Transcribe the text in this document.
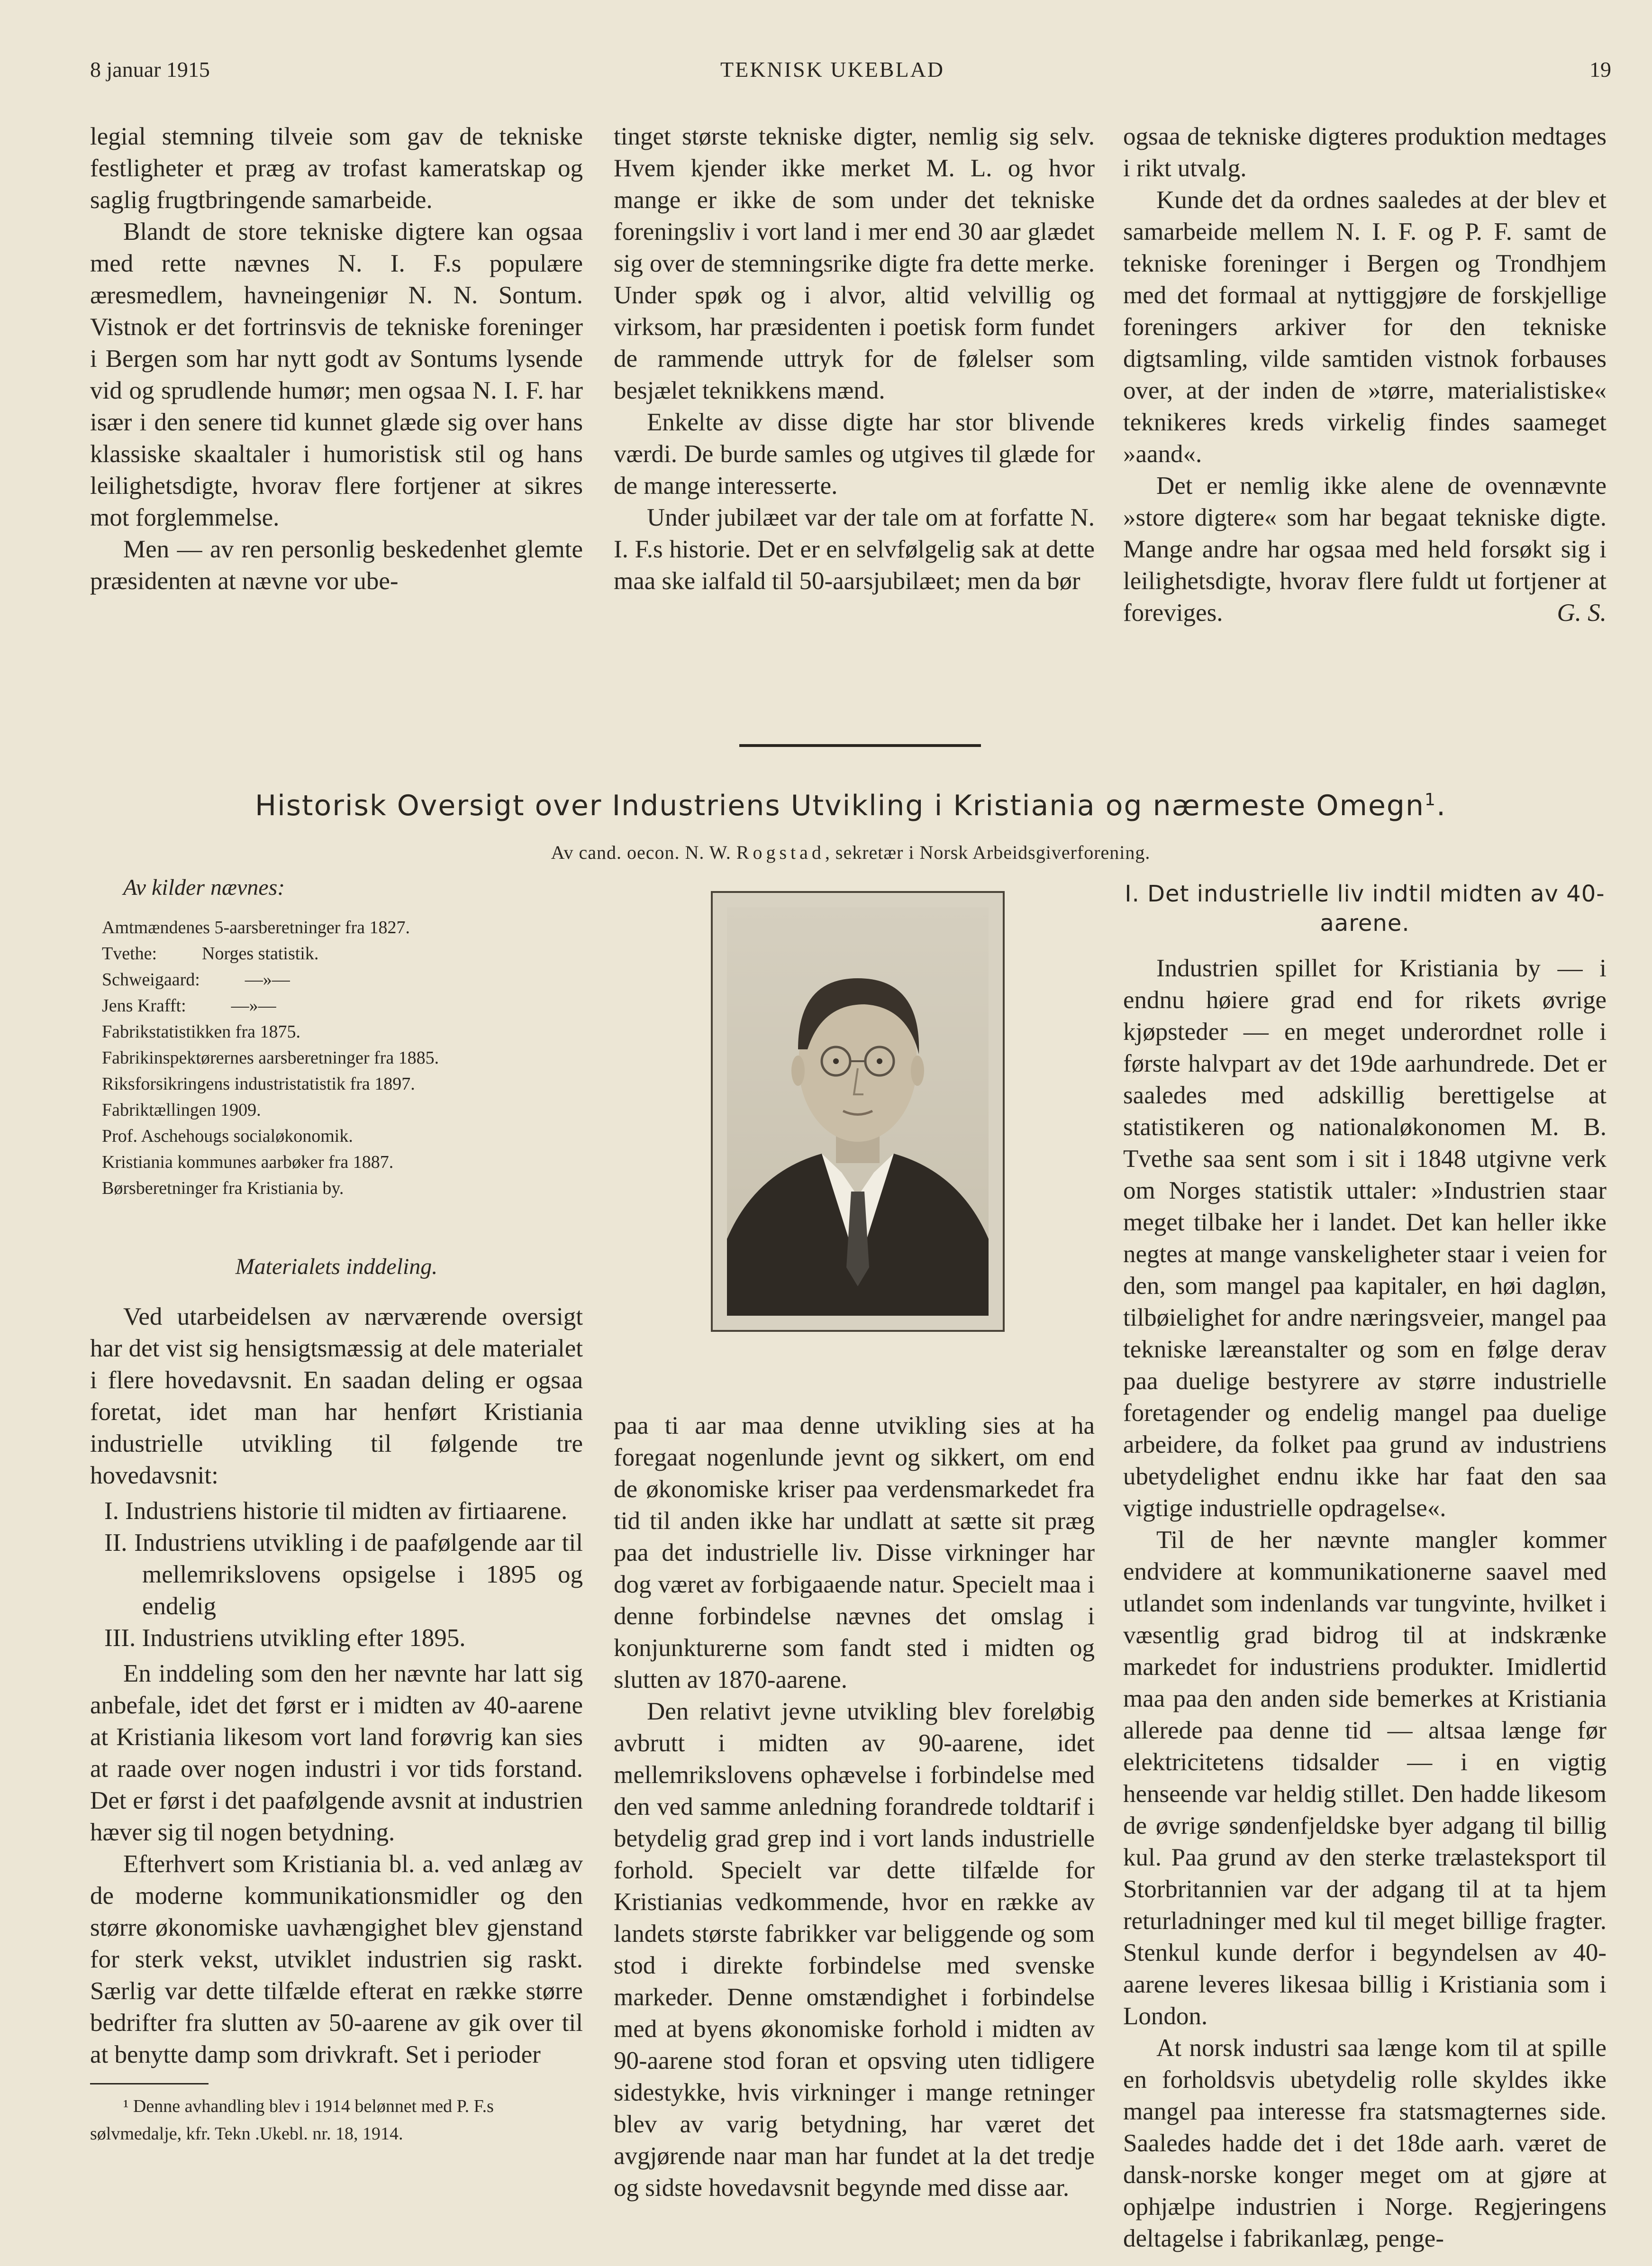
8 januar 1915	TEKNISK UKEBLAD	19

legial stemning tilveie som gav de tekniske festligheter et præg av trofast kameratskap og saglig frugtbringende samarbeide.

Blandt de store tekniske digtere kan ogsaa med rette nævnes N. I. F.s populære æresmedlem, havneingeniør N. N. Sontum. Vistnok er det fortrinsvis de tekniske foreninger i Bergen som har nytt godt av Sontums lysende vid og sprudlende humør; men ogsaa N. I. F. har især i den senere tid kunnet glæde sig over hans klassiske skaaltaler i humoristisk stil og hans leilighetsdigte, hvorav flere fortjener at sikres mot forglemmelse.

Men — av ren personlig beskedenhet glemte præsidenten at nævne vor ube-

tinget største tekniske digter, nemlig sig selv. Hvem kjender ikke merket M. L. og hvor mange er ikke de som under det tekniske foreningsliv i vort land i mer end 30 aar glædet sig over de stemningsrike digte fra dette merke. Under spøk og i alvor, altid velvillig og virksom, har præsidenten i poetisk form fundet de rammende uttryk for de følelser som besjælet teknikkens mænd.

Enkelte av disse digte har stor blivende værdi. De burde samles og utgives til glæde for de mange interesserte.

Under jubilæet var der tale om at forfatte N. I. F.s historie. Det er en selvfølgelig sak at dette maa ske ialfald til 50-aarsjubilæet; men da bør

ogsaa de tekniske digteres produktion medtages i rikt utvalg.

Kunde det da ordnes saaledes at der blev et samarbeide mellem N. I. F. og P. F. samt de tekniske foreninger i Bergen og Trondhjem med det formaal at nyttiggjøre de forskjellige foreningers arkiver for den tekniske digtsamling, vilde samtiden vistnok forbauses over, at der inden de »tørre, materialistiske« teknikeres kreds virkelig findes saameget »aand«.

Det er nemlig ikke alene de ovennævnte »store digtere« som har begaat tekniske digte. Mange andre har ogsaa med held forsøkt sig i leilighetsdigte, hvorav flere fuldt ut fortjener at foreviges.	G. S.

Historisk Oversigt over Industriens Utvikling i Kristiania og nærmeste Omegn$^1$.
Av cand. oecon. N. W. Rogstad, sekretær i Norsk Arbeidsgiverforening.
Av kilder nævnes:
Amtmændenes 5-aarsberetninger fra 1827.
Tvethe:          Norges statistik.
Schweigaard:          —»—
Jens Krafft:          —»—
Fabrikstatistikken fra 1875.
Fabrikinspektørernes aarsberetninger fra 1885.
Riksforsikringens industristatistik fra 1897.
Fabriktællingen 1909.
Prof. Aschehougs socialøkonomik.
Kristiania kommunes aarbøker fra 1887.
Børsberetninger fra Kristiania by.
Materialets inddeling.

Ved utarbeidelsen av nærværende oversigt har det vist sig hensigtsmæssig at dele materialet i flere hovedavsnit. En saadan deling er ogsaa foretat, idet man har henført Kristiania industrielle utvikling til følgende tre hovedavsnit:

I. Industriens historie til midten av firtiaarene.
II. Industriens utvikling i de paafølgende aar til mellemrikslovens opsigelse i 1895 og endelig
III. Industriens utvikling efter 1895.

En inddeling som den her nævnte har latt sig anbefale, idet det først er i midten av 40-aarene at Kristiania likesom vort land forøvrig kan sies at raade over nogen industri i vor tids forstand. Det er først i det paafølgende avsnit at industrien hæver sig til nogen betydning.

Efterhvert som Kristiania bl. a. ved anlæg av de moderne kommunikationsmidler og den større økonomiske uavhængighet blev gjenstand for sterk vekst, utviklet industrien sig raskt. Særlig var dette tilfælde efterat en række større bedrifter fra slutten av 50-aarene av gik over til at benytte damp som drivkraft. Set i perioder

paa ti aar maa denne utvikling sies at ha foregaat nogenlunde jevnt og sikkert, om end de økonomiske kriser paa verdensmarkedet fra tid til anden ikke har undlatt at sætte sit præg paa det industrielle liv. Disse virkninger har dog været av forbigaaende natur. Specielt maa i denne forbindelse nævnes det omslag i konjunkturerne som fandt sted i midten og slutten av 1870-aarene.

Den relativt jevne utvikling blev foreløbig avbrutt i midten av 90-aarene, idet mellemrikslovens ophævelse i forbindelse med den ved samme anledning forandrede toldtarif i betydelig grad grep ind i vort lands industrielle forhold. Specielt var dette tilfælde for Kristianias vedkommende, hvor en række av landets største fabrikker var beliggende og som stod i direkte forbindelse med svenske markeder. Denne omstændighet i forbindelse med at byens økonomiske forhold i midten av 90-aarene stod foran et opsving uten tidligere sidestykke, hvis virkninger i mange retninger blev av varig betydning, har været det avgjørende naar man har fundet at la det tredje og sidste hovedavsnit begynde med disse aar.

I. Det industrielle liv indtil midten av 40-aarene.

Industrien spillet for Kristiania by — i endnu høiere grad end for rikets øvrige kjøpsteder — en meget underordnet rolle i første halvpart av det 19de aarhundrede. Det er saaledes med adskillig berettigelse at statistikeren og nationaløkonomen M. B. Tvethe saa sent som i sit i 1848 utgivne verk om Norges statistik uttaler: »Industrien staar meget tilbake her i landet. Det kan heller ikke negtes at mange vanskeligheter staar i veien for den, som mangel paa kapitaler, en høi dagløn, tilbøielighet for andre næringsveier, mangel paa tekniske læreanstalter og som en følge derav paa duelige bestyrere av større industrielle foretagender og endelig mangel paa duelige arbeidere, da folket paa grund av industriens ubetydelighet endnu ikke har faat den saa vigtige industrielle opdragelse«.

Til de her nævnte mangler kommer endvidere at kommunikationerne saavel med utlandet som indenlands var tungvinte, hvilket i væsentlig grad bidrog til at indskrænke markedet for industriens produkter. Imidlertid maa paa den anden side bemerkes at Kristiania allerede paa denne tid — altsaa længe før elektricitetens tidsalder — i en vigtig henseende var heldig stillet. Den hadde likesom de øvrige søndenfjeldske byer adgang til billig kul. Paa grund av den sterke trælasteksport til Storbritannien var der adgang til at ta hjem returladninger med kul til meget billige fragter. Stenkul kunde derfor i begyndelsen av 40-aarene leveres likesaa billig i Kristiania som i London.

At norsk industri saa længe kom til at spille en forholdsvis ubetydelig rolle skyldes ikke mangel paa interesse fra statsmagternes side. Saaledes hadde det i det 18de aarh. været de dansk-norske konger meget om at gjøre at ophjælpe industrien i Norge. Regjeringens deltagelse i fabrikanlæg, penge-

¹ Denne avhandling blev i 1914 belønnet med P. F.s
sølvmedalje, kfr. Tekn .Ukebl. nr. 18, 1914.
